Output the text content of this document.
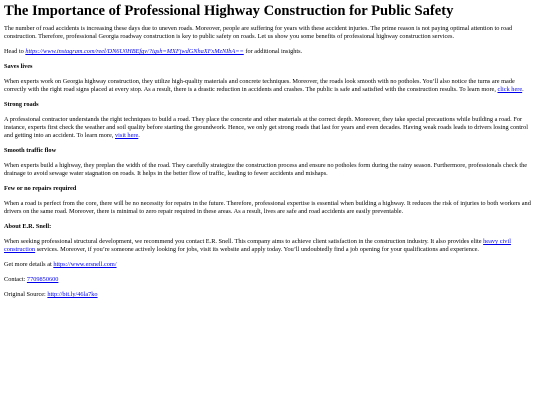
The Importance of Professional Highway Construction for Public Safety

The number of road accidents is increasing these days due to uneven roads. Moreover, people are suffering for years with these accident injuries. The prime reason is not paying optimal attention to road construction. Therefore, professional Georgia roadway construction is key to public safety on roads. Let us show you some benefits of professional highway construction services.

Head to https://www.instagram.com/reel/DN6U0HBEfgv/?igsh=MXFjwdGNhaXFxMzNIbA== for additional insights.

Saves lives

When experts work on Georgia highway construction, they utilize high-quality materials and concrete techniques. Moreover, the roads look smooth with no potholes. You’ll also notice the turns are made correctly with the right road signs placed at every stop. As a result, there is a drastic reduction in accidents and crashes. The public is safe and satisfied with the construction results. To learn more, click here.

Strong roads

A professional contractor understands the right techniques to build a road. They place the concrete and other materials at the correct depth. Moreover, they take special precautions while building a road. For instance, experts first check the weather and soil quality before starting the groundwork. Hence, we only get strong roads that last for years and even decades. Having weak roads leads to drivers losing control and getting into an accident. To learn more, visit here.

Smooth traffic flow

When experts build a highway, they preplan the width of the road. They carefully strategize the construction process and ensure no potholes form during the rainy season. Furthermore, professionals check the drainage to avoid sewage water stagnation on roads. It helps in the better flow of traffic, leading to fewer accidents and mishaps.

Few or no repairs required

When a road is perfect from the core, there will be no necessity for repairs in the future. Therefore, professional expertise is essential when building a highway. It reduces the risk of injuries to both workers and drivers on the same road. Moreover, there is minimal to zero repair required in these areas. As a result, lives are safe and road accidents are easily preventable.

About E.R. Snell:

When seeking professional structural development, we recommend you contact E.R. Snell. This company aims to achieve client satisfaction in the construction industry. It also provides elite heavy civil construction services. Moreover, if you’re someone actively looking for jobs, visit its website and apply today. You’ll undoubtedly find a job opening for your qualifications and experience.

Get more details at https://www.ersnell.com/

Contact: 7709850600

Original Source: http://bit.ly/46la7ko
